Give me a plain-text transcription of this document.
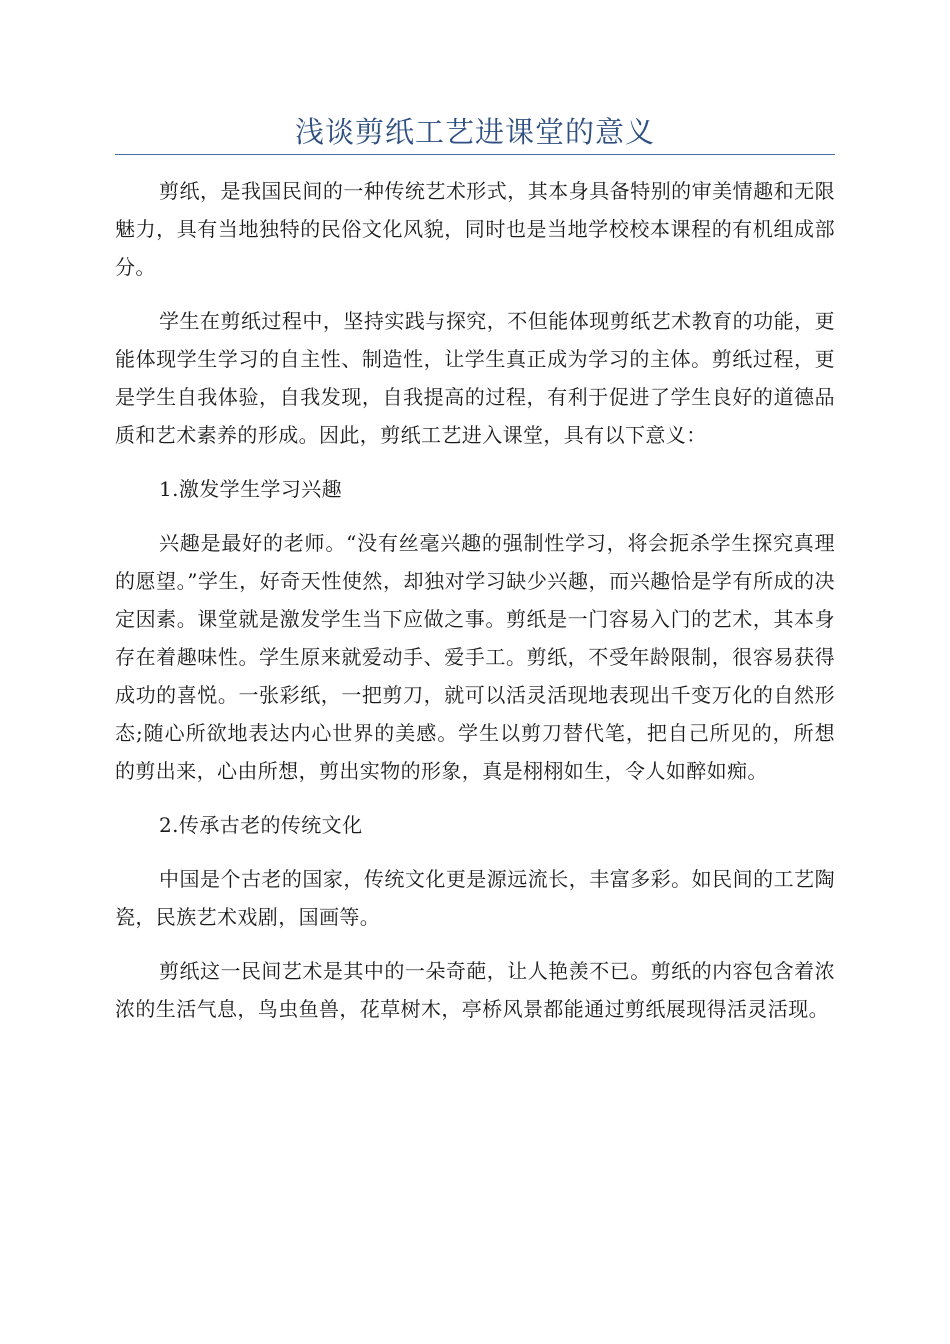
浅谈剪纸工艺进课堂的意义

剪纸，是我国民间的一种传统艺术形式，其本身具备特别的审美情趣和无限魅力，具有当地独特的民俗文化风貌，同时也是当地学校校本课程的有机组成部分。

学生在剪纸过程中，坚持实践与探究，不但能体现剪纸艺术教育的功能，更能体现学生学习的自主性、制造性，让学生真正成为学习的主体。剪纸过程，更是学生自我体验，自我发现，自我提高的过程，有利于促进了学生良好的道德品质和艺术素养的形成。因此，剪纸工艺进入课堂，具有以下意义：

1.激发学生学习兴趣

兴趣是最好的老师。“没有丝毫兴趣的强制性学习，将会扼杀学生探究真理的愿望。”学生，好奇天性使然，却独对学习缺少兴趣，而兴趣恰是学有所成的决定因素。课堂就是激发学生当下应做之事。剪纸是一门容易入门的艺术，其本身存在着趣味性。学生原来就爱动手、爱手工。剪纸，不受年龄限制，很容易获得成功的喜悦。一张彩纸，一把剪刀，就可以活灵活现地表现出千变万化的自然形态;随心所欲地表达内心世界的美感。学生以剪刀替代笔，把自己所见的，所想的剪出来，心由所想，剪出实物的形象，真是栩栩如生，令人如醉如痴。

2.传承古老的传统文化

中国是个古老的国家，传统文化更是源远流长，丰富多彩。如民间的工艺陶瓷，民族艺术戏剧，国画等。

剪纸这一民间艺术是其中的一朵奇葩，让人艳羡不已。剪纸的内容包含着浓浓的生活气息，鸟虫鱼兽，花草树木，亭桥风景都能通过剪纸展现得活灵活现。
